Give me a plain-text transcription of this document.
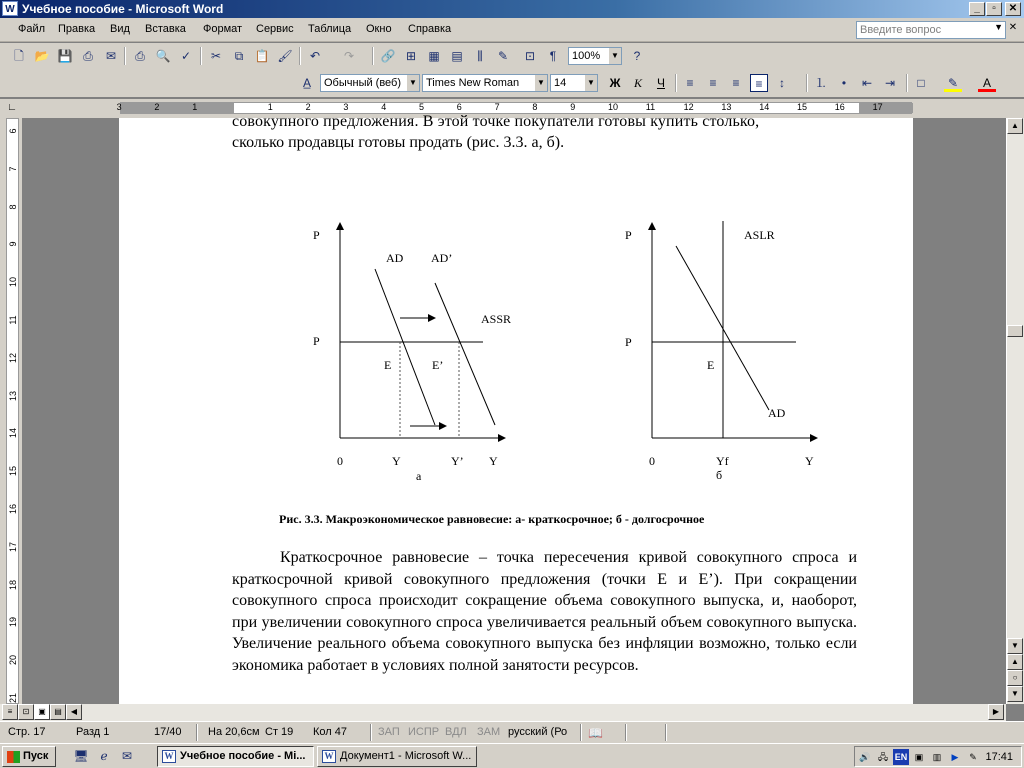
W Учебное пособие - Microsoft Word	_	▫	✕
Файл Правка Вид Вставка Формат Сервис Таблица Окно Справка	✕
Введите вопрос	▼
🗋 📂 💾 ⎙	✉	⎙ 🔍 ✓	✂	⧉ 📋 🖌	↶	↷	🔗 ⊞	▦ ▤	⫼	✎	⊡	¶	100% ▼	?
A̲	Обычный (веб) ▼ Times New Roman ▼ 14	▼ Ж	К	Ч	≡	≡	≡	≡	↕	⒈	•	⇤	⇥	□	✎	A
∟	3	2	1	1	2	3	4	5	6	7	8	9	10	11	12	13	14	15	16	17
6
7
8
9
10
11
12
13
14
15
16
17
18
19
20
21
совокупного предложения. В этой точке покупатели готовы купить столько,
сколько продавцы готовы продать (рис. 3.3. а, б).
P
P
AD AD’
ASSR
E	E’
0	Y	Y’ Y
а
P
P
ASLR
E
AD
0	Yf	Y
б
Рис. 3.3. Макроэкономическое равновесие: а- краткосрочное; б - долгосрочное
Краткосрочное равновесие – точка пересечения кривой совокупного спроса и краткосрочной кривой совокупного предложения (точки Е и Е’). При сокращении совокупного спроса происходит сокращение объема совокупного выпуска, и, наоборот, при увеличении совокупного спроса увеличивается реальный объем совокупного выпуска. Увеличение реального объема совокупного выпуска без инфляции возможно, только если экономика работает в условиях полной занятости ресурсов.
▲
▼
▲
○
▼
≡	⊡	▣	▤	◀	▶
Стр. 17	Разд 1	17/40 На 20,6см Ст 19 Кол 47	ЗАП ИСПР ВДЛ ЗАМ русский (Ро 📖
Пуск	🖥 ℯ	✉	W Учебное пособие - Mi...	W Документ1 - Microsoft W...	🔊 🖧 EN ▣	▥	▶	✎ 17:41
